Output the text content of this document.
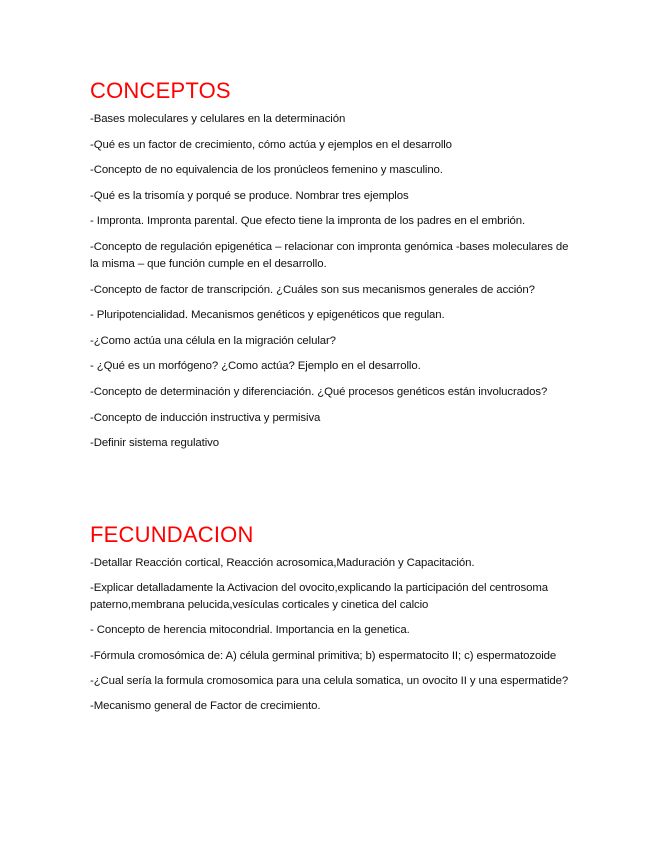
CONCEPTOS
-Bases moleculares y celulares en la determinación
-Qué es un factor de crecimiento, cómo actúa y ejemplos en el desarrollo
-Concepto de no equivalencia de los pronúcleos femenino y masculino.
-Qué es la trisomía y porqué se produce. Nombrar tres ejemplos
- Impronta. Impronta parental. Que efecto tiene la impronta de los padres en el embrión.
-Concepto de regulación epigenética – relacionar con impronta genómica -bases moleculares de la misma – que función cumple en el desarrollo.
-Concepto de factor de transcripción. ¿Cuáles son sus mecanismos generales de acción?
- Pluripotencialidad. Mecanismos genéticos y epigenéticos que regulan.
-¿Como actúa una célula en la migración celular?
- ¿Qué es un morfógeno? ¿Como actúa? Ejemplo en el desarrollo.
-Concepto de determinación y diferenciación. ¿Qué procesos genéticos están involucrados?
-Concepto de inducción instructiva y permisiva
-Definir sistema regulativo
FECUNDACION
-Detallar Reacción cortical, Reacción acrosomica,Maduración y Capacitación.
-Explicar detalladamente la Activacion del ovocito,explicando la participación del centrosoma paterno,membrana pelucida,vesículas corticales y cinetica del calcio
- Concepto de herencia mitocondrial. Importancia en la genetica.
-Fórmula cromosómica de: A) célula germinal primitiva; b) espermatocito II; c) espermatozoide
-¿Cual sería la formula cromosomica para una celula somatica, un ovocito II y una espermatide?
-Mecanismo general de Factor de crecimiento.
